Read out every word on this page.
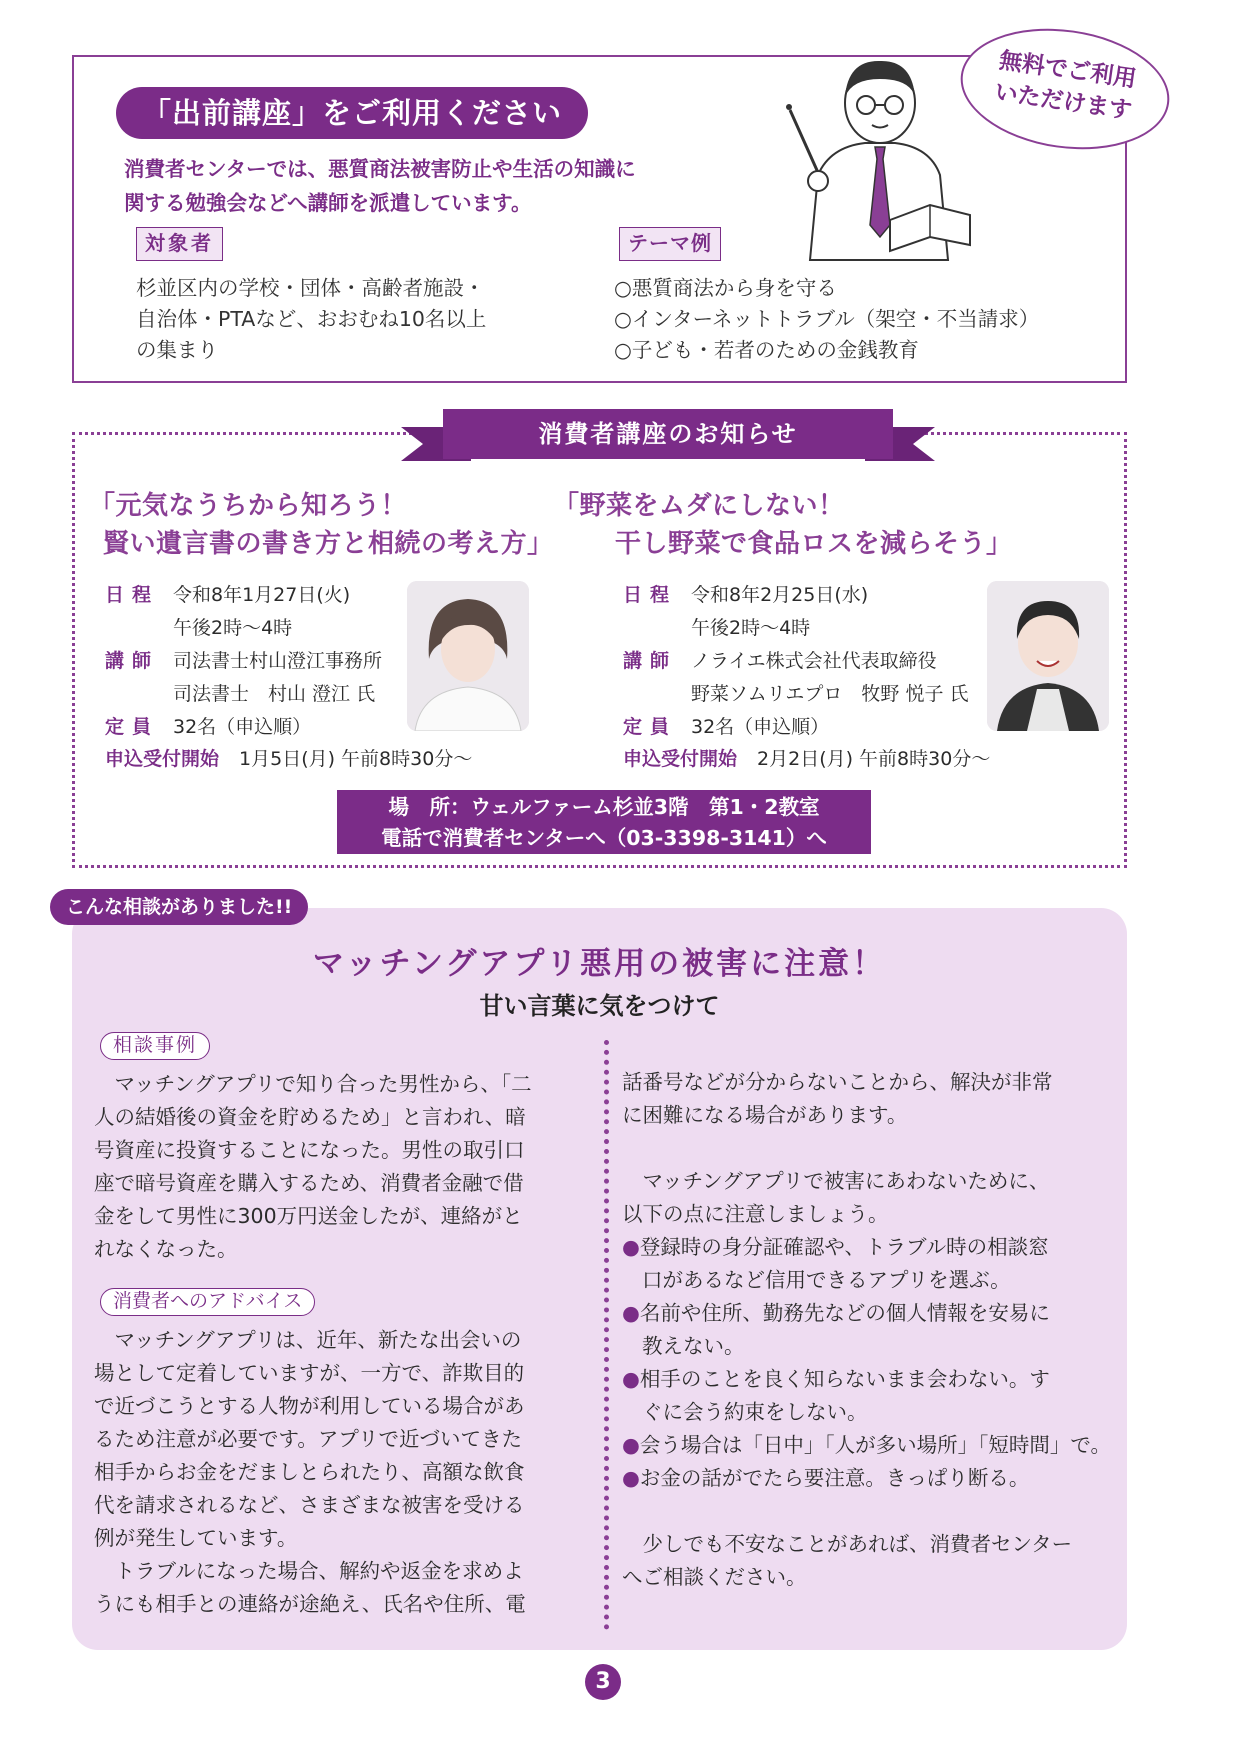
「出前講座」をご利用ください
消費者センターでは、悪質商法被害防止や生活の知識に
関する勉強会などへ講師を派遣しています。
対象者
杉並区内の学校・団体・高齢者施設・
自治体・PTAなど、おおむね10名以上
の集まり
テーマ例
○悪質商法から身を守る
○インターネットトラブル（架空・不当請求）
○子ども・若者のための金銭教育
無料でご利用
いただけます
消費者講座のお知らせ
「元気なうちから知ろう！
賢い遺言書の書き方と相続の考え方」
日程 令和8年1月27日(火)
午後2時～4時
講師 司法書士村山澄江事務所
司法書士　村山 澄江 氏
定員 32名（申込順）
申込受付開始 1月5日(月) 午前8時30分～
「野菜をムダにしない！
干し野菜で食品ロスを減らそう」
日程 令和8年2月25日(水)
午後2時～4時
講師 ノライエ株式会社代表取締役
野菜ソムリエプロ　牧野 悦子 氏
定員 32名（申込順）
申込受付開始 2月2日(月) 午前8時30分～
場　所：ウェルファーム杉並3階　第1・2教室
電話で消費者センターへ（03-3398-3141）へ
マッチングアプリ悪用の被害に注意！
甘い言葉に気をつけて
相談事例

　マッチングアプリで知り合った男性から、「二

人の結婚後の資金を貯めるため」と言われ、暗

号資産に投資することになった。男性の取引口

座で暗号資産を購入するため、消費者金融で借

金をして男性に300万円送金したが、連絡がと

れなくなった。

消費者へのアドバイス

　マッチングアプリは、近年、新たな出会いの

場として定着していますが、一方で、詐欺目的

で近づこうとする人物が利用している場合があ

るため注意が必要です。アプリで近づいてきた

相手からお金をだましとられたり、高額な飲食

代を請求されるなど、さまざまな被害を受ける

例が発生しています。

　トラブルになった場合、解約や返金を求めよ

うにも相手との連絡が途絶え、氏名や住所、電

話番号などが分からないことから、解決が非常

に困難になる場合があります。

　マッチングアプリで被害にあわないために、

以下の点に注意しましょう。

●登録時の身分証確認や、トラブル時の相談窓

口があるなど信用できるアプリを選ぶ。

●名前や住所、勤務先などの個人情報を安易に

教えない。

●相手のことを良く知らないまま会わない。す

ぐに会う約束をしない。

●会う場合は「日中」「人が多い場所」「短時間」で。

●お金の話がでたら要注意。きっぱり断る。

　少しでも不安なことがあれば、消費者センター

へご相談ください。

こんな相談がありました!!
3
